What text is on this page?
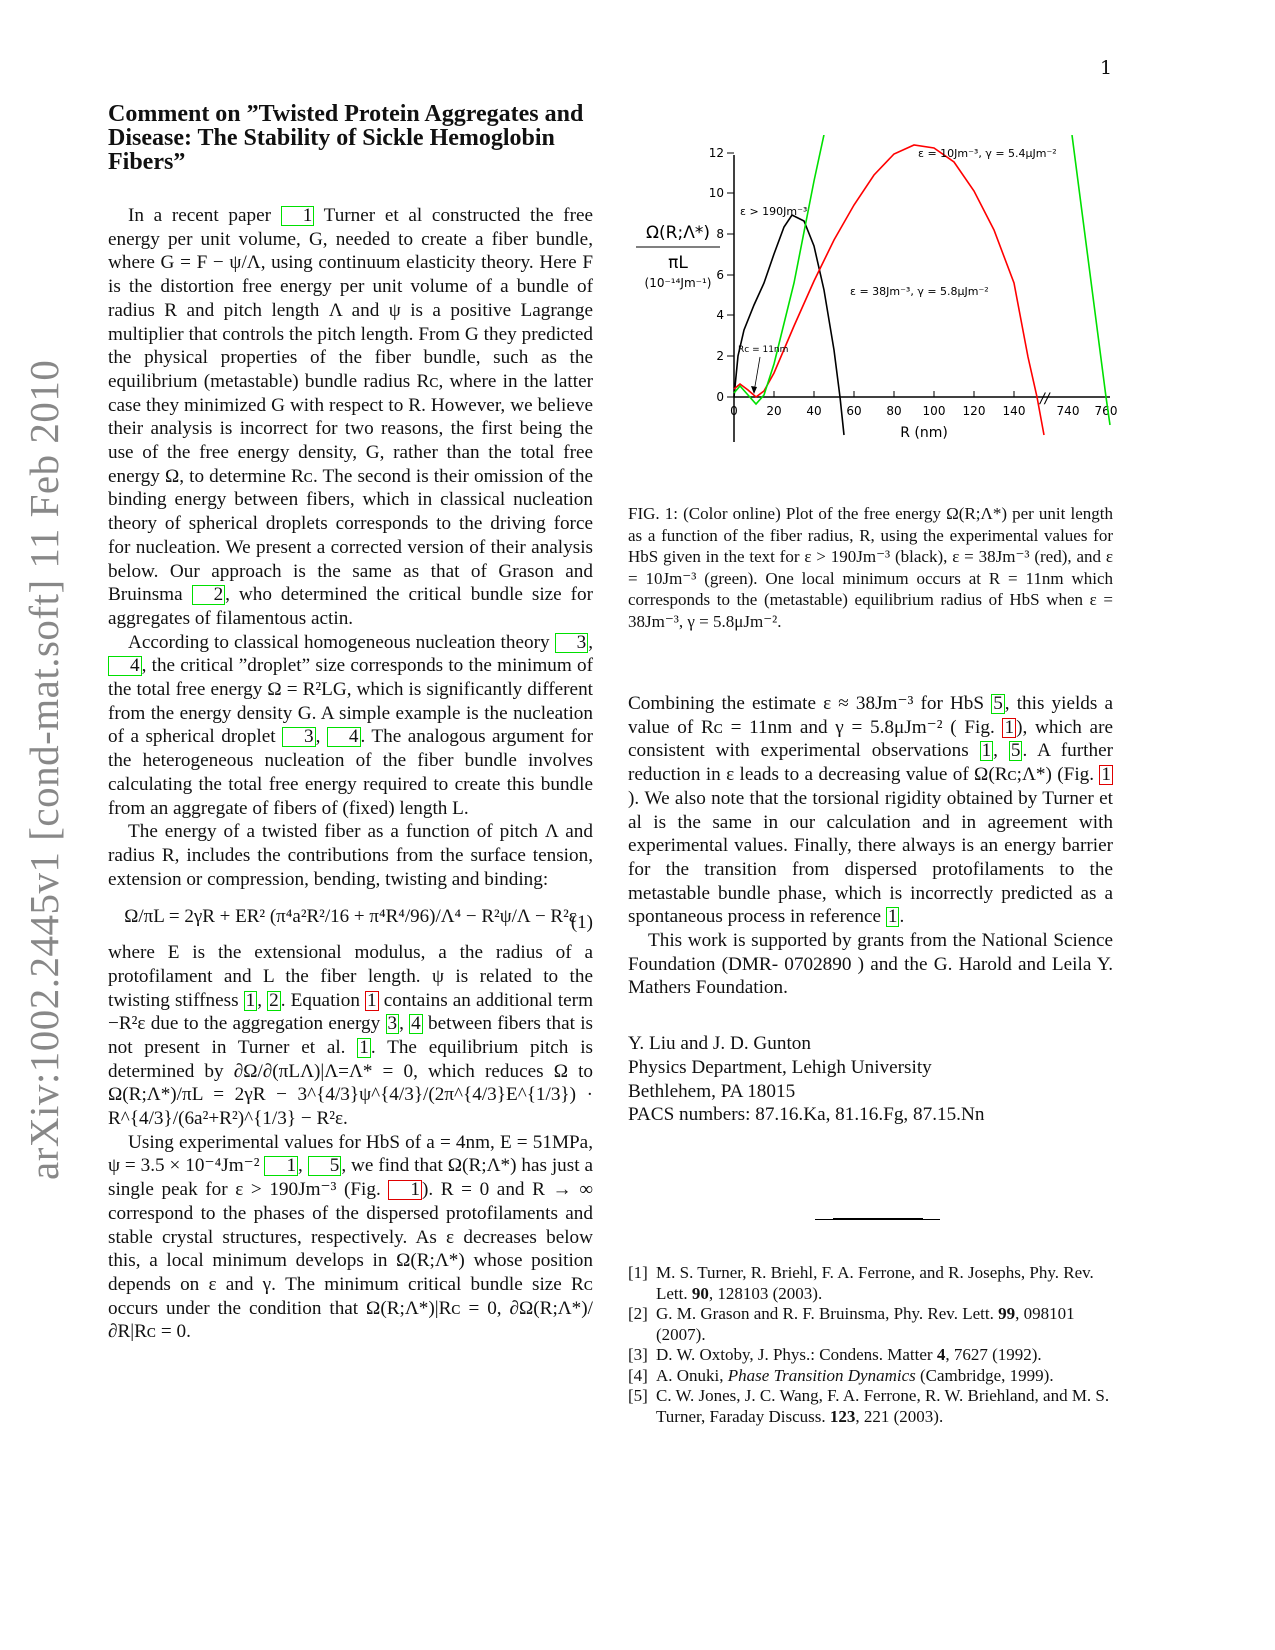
1
arXiv:1002.2445v1 [cond-mat.soft] 11 Feb 2010
Comment on ”Twisted Protein Aggregates and Disease: The Stability of Sickle Hemoglobin Fibers”

In a recent paper 1 Turner et al constructed the free energy per unit volume, G, needed to create a fiber bundle, where G = F − ψ/Λ, using continuum elasticity theory. Here F is the distortion free energy per unit volume of a bundle of radius R and pitch length Λ and ψ is a positive Lagrange multiplier that controls the pitch length. From G they predicted the physical properties of the fiber bundle, such as the equilibrium (metastable) bundle radius Rᴄ, where in the latter case they minimized G with respect to R. However, we believe their analysis is incorrect for two reasons, the first being the use of the free energy density, G, rather than the total free energy Ω, to determine Rᴄ. The second is their omission of the binding energy between fibers, which in classical nucleation theory of spherical droplets corresponds to the driving force for nucleation. We present a corrected version of their analysis below. Our approach is the same as that of Grason and Bruinsma 2 , who determined the critical bundle size for aggregates of filamentous actin.

According to classical homogeneous nucleation theory 3 , 4 , the critical ”droplet” size corresponds to the minimum of the total free energy Ω = R²LG, which is significantly different from the energy density G. A simple example is the nucleation of a spherical droplet 3 , 4 . The analogous argument for the heterogeneous nucleation of the fiber bundle involves calculating the total free energy required to create this bundle from an aggregate of fibers of (fixed) length L.

The energy of a twisted fiber as a function of pitch Λ and radius R, includes the contributions from the surface tension, extension or compression, bending, twisting and binding:

Ω/πL = 2γR + ER² (π⁴a²R²/16 + π⁴R⁴/96)/Λ⁴ − R²ψ/Λ − R²ε
(1)

where E is the extensional modulus, a the radius of a protofilament and L the fiber length. ψ is related to the twisting stiffness 1 , 2 . Equation 1 contains an additional term −R²ε due to the aggregation energy 3 , 4 between fibers that is not present in Turner et al. 1 . The equilibrium pitch is determined by ∂Ω/∂(πLΛ)|Λ=Λ* = 0, which reduces Ω to Ω(R;Λ*)/πL = 2γR − 3^{4/3}ψ^{4/3}/(2π^{4/3}E^{1/3}) · R^{4/3}/(6a²+R²)^{1/3} − R²ε.

Using experimental values for HbS of a = 4nm, E = 51MPa, ψ = 3.5 × 10⁻⁴Jm⁻² 1 , 5 , we find that Ω(R;Λ*) has just a single peak for ε > 190Jm⁻³ (Fig. 1 ). R = 0 and R → ∞ correspond to the phases of the dispersed protofilaments and stable crystal structures, respectively. As ε decreases below this, a local minimum develops in Ω(R;Λ*) whose position depends on ε and γ. The minimum critical bundle size Rᴄ occurs under the condition that Ω(R;Λ*)|Rᴄ = 0, ∂Ω(R;Λ*)/∂R|Rᴄ = 0.

Ω(R;Λ*)
πL
(10⁻¹⁴Jm⁻¹)
0
2
4
6
8
10
12
0 20 40 60 80 100 120 140	740 760
//
R (nm)
ε > 190Jm⁻³
ε = 38Jm⁻³, γ = 5.8μJm⁻²
ε = 10Jm⁻³, γ = 5.4μJm⁻²
Rᴄ = 11nm
FIG. 1: (Color online) Plot of the free energy Ω(R;Λ*) per unit length as a function of the fiber radius, R, using the experimental values for HbS given in the text for ε > 190Jm⁻³ (black), ε = 38Jm⁻³ (red), and ε = 10Jm⁻³ (green). One local minimum occurs at R = 11nm which corresponds to the (metastable) equilibrium radius of HbS when ε = 38Jm⁻³, γ = 5.8μJm⁻².

Combining the estimate ε ≈ 38Jm⁻³ for HbS 5 , this yields a value of Rᴄ = 11nm and γ = 5.8μJm⁻² ( Fig. 1 ), which are consistent with experimental observations 1 , 5 . A further reduction in ε leads to a decreasing value of Ω(Rᴄ;Λ*) (Fig. 1). We also note that the torsional rigidity obtained by Turner et al is the same in our calculation and in agreement with experimental values. Finally, there always is an energy barrier for the transition from dispersed protofilaments to the metastable bundle phase, which is incorrectly predicted as a spontaneous process in reference 1 .

This work is supported by grants from the National Science Foundation (DMR- 0702890 ) and the G. Harold and Leila Y. Mathers Foundation.

Y. Liu and J. D. Gunton
Physics Department, Lehigh University
Bethlehem, PA 18015
PACS numbers: 87.16.Ka, 81.16.Fg, 87.15.Nn
[1] M. S. Turner, R. Briehl, F. A. Ferrone, and R. Josephs, Phy. Rev. Lett. 90, 128103 (2003).
[2] G. M. Grason and R. F. Bruinsma, Phy. Rev. Lett. 99, 098101 (2007).
[3] D. W. Oxtoby, J. Phys.: Condens. Matter 4, 7627 (1992).
[4] A. Onuki, Phase Transition Dynamics (Cambridge, 1999).
[5] C. W. Jones, J. C. Wang, F. A. Ferrone, R. W. Briehland, and M. S. Turner, Faraday Discuss. 123, 221 (2003).
